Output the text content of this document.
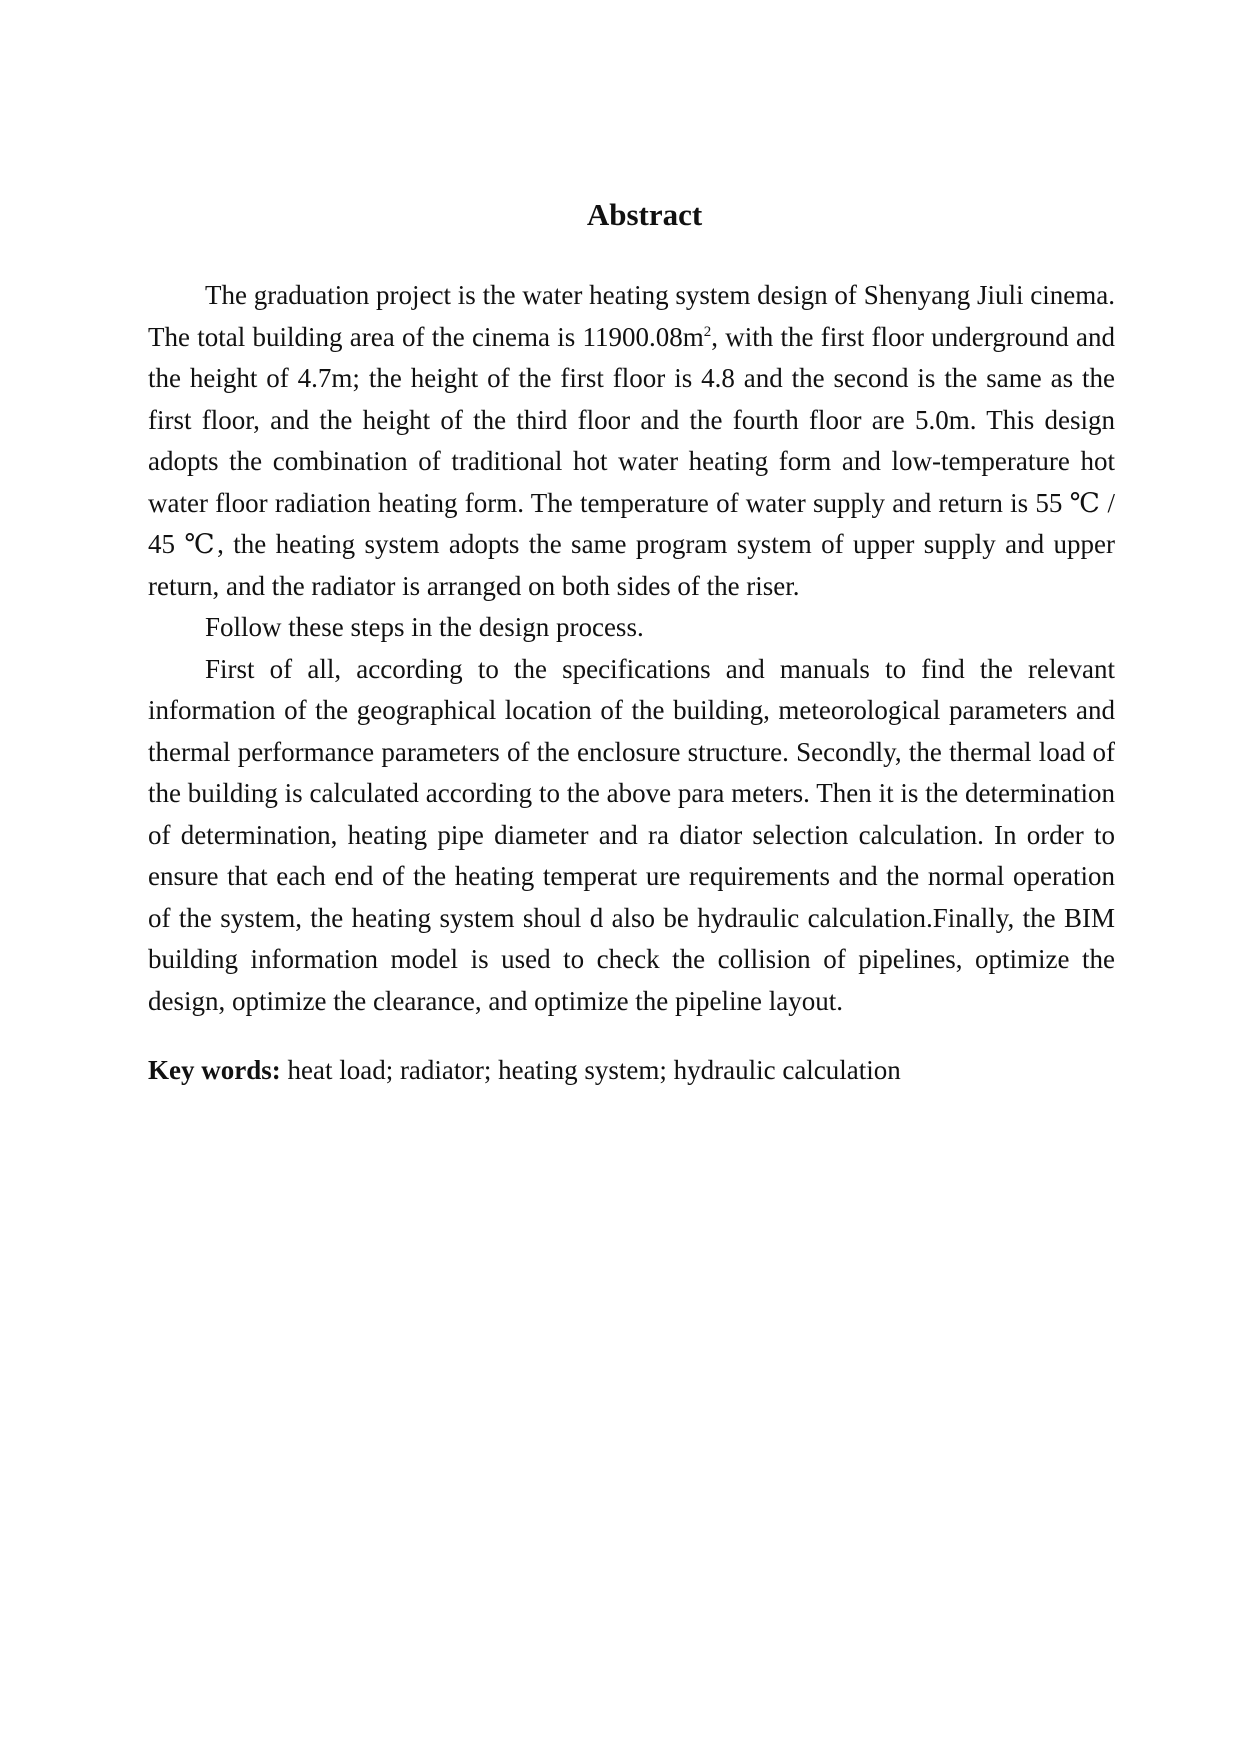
Abstract

The graduation project is the water heating system design of Shenyang Jiuli cinema. The total building area of the cinema is $11900.08m^2$, with the first floor underground and the height of 4.7m; the height of the first floor is 4.8 and the second is the same as the first floor, and the height of the third floor and the fourth floor are 5.0m. This design adopts the combination of traditional hot water heating form and low-temperature hot water floor radiation heating form. The temperature of water supply and return is 55 ℃ / 45 ℃, the heating system adopts the same program system of upper supply and upper return, and the radiator is arranged on both sides of the riser.

Follow these steps in the design process.

First of all, according to the specifications and manuals to find the relevant information of the geographical location of the building, meteorological parameters and thermal performance parameters of the enclosure structure. Secondly, the thermal load of the building is calculated according to the above para meters. Then it is the determination of determination, heating pipe diameter and ra diator selection calculation. In order to ensure that each end of the heating temperat ure requirements and the normal operation of the system, the heating system shoul d also be hydraulic calculation.Finally, the BIM building information model is used to check the collision of pipelines, optimize the design, optimize the clearance, and optimize the pipeline layout.

Key words: heat load; radiator; heating system; hydraulic calculation
